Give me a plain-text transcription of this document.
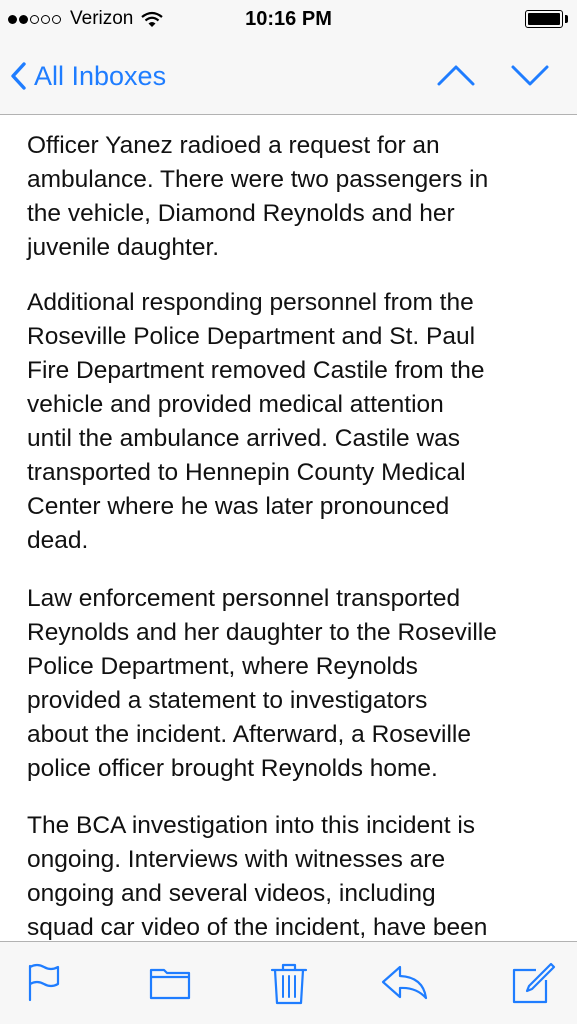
Verizon	10:16 PM
All Inboxes

Officer Yanez radioed a request for an
ambulance. There were two passengers in
the vehicle, Diamond Reynolds and her
juvenile daughter.

Additional responding personnel from the
Roseville Police Department and St. Paul
Fire Department removed Castile from the
vehicle and provided medical attention
until the ambulance arrived. Castile was
transported to Hennepin County Medical
Center where he was later pronounced
dead.

Law enforcement personnel transported
Reynolds and her daughter to the Roseville
Police Department, where Reynolds
provided a statement to investigators
about the incident. Afterward, a Roseville
police officer brought Reynolds home.

The BCA investigation into this incident is
ongoing. Interviews with witnesses are
ongoing and several videos, including
squad car video of the incident, have been
